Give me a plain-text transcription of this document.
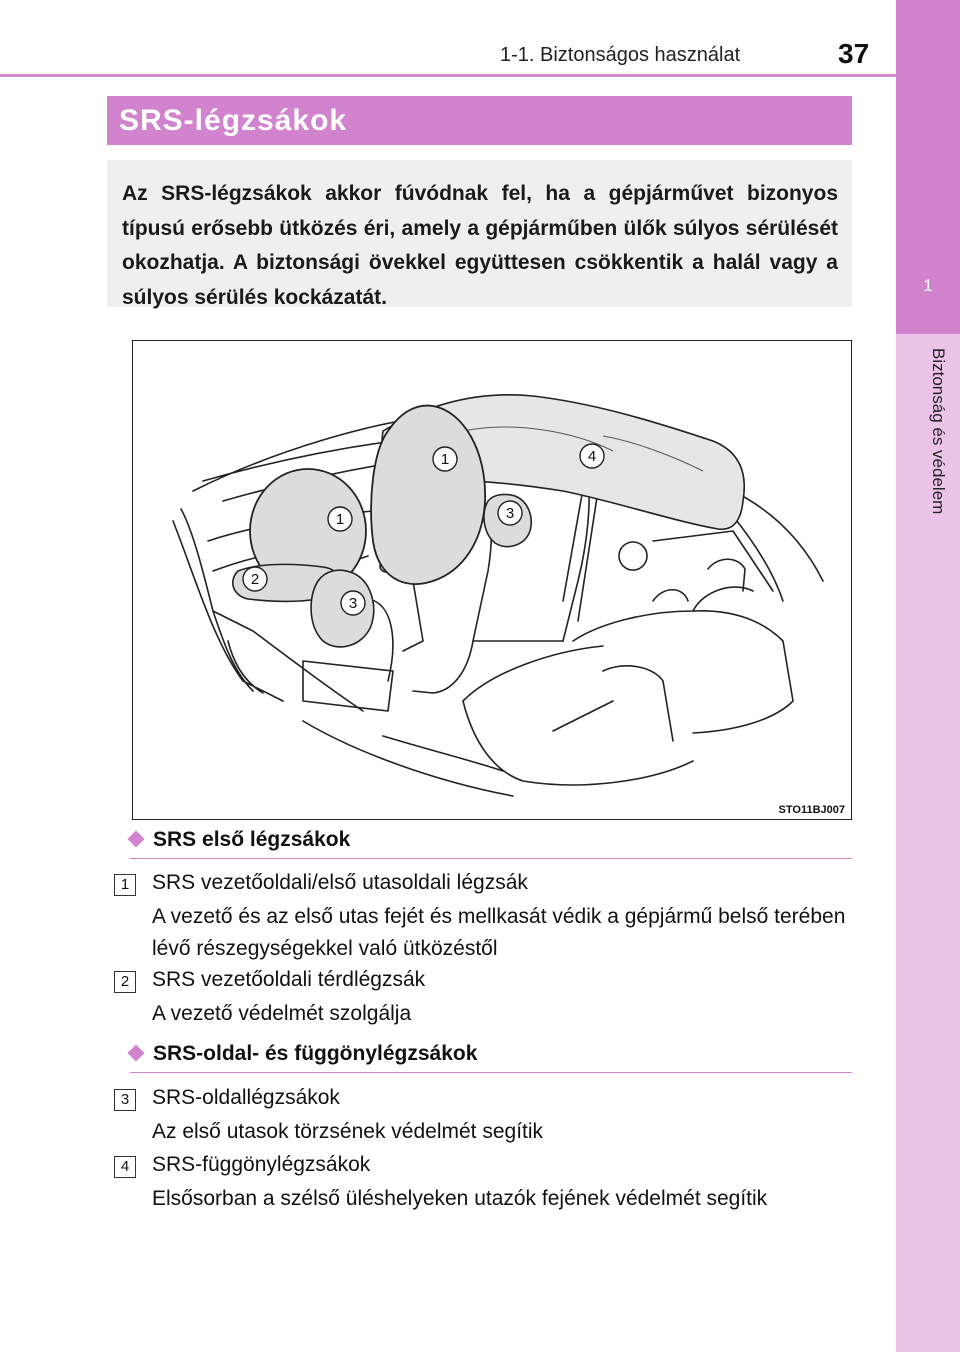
1
Biztonság és védelem
1-1. Biztonságos használat	37
SRS-légzsákok

Az SRS-légzsákok akkor fúvódnak fel, ha a gépjárművet bizonyos típusú erősebb ütközés éri, amely a gépjárműben ülők súlyos sérülését okozhatja. A biztonsági övekkel együttesen csökkentik a halál vagy a súlyos sérülés kockázatát.

1
1
2
3
3
4
STO11BJ007
SRS első légzsákok
1	SRS vezetőoldali/első utasoldali légzsák

A vezető és az első utas fejét és mellkasát védik a gépjármű belső terében lévő részegységekkel való ütközéstől

2	SRS vezetőoldali térdlégzsák

A vezető védelmét szolgálja

SRS-oldal- és függönylégzsákok
3	SRS-oldallégzsákok

Az első utasok törzsének védelmét segítik

4	SRS-függönylégzsákok

Elsősorban a szélső üléshelyeken utazók fejének védelmét segítik
